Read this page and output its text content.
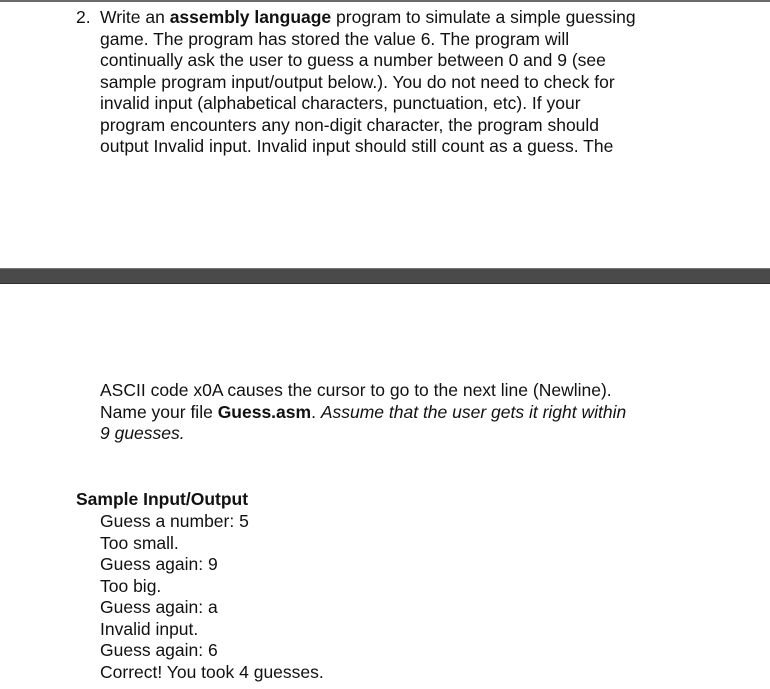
2. Write an assembly language program to simulate a simple guessing
game. The program has stored the value 6. The program will
continually ask the user to guess a number between 0 and 9 (see
sample program input/output below.). You do not need to check for
invalid input (alphabetical characters, punctuation, etc). If your
program encounters any non-digit character, the program should
output Invalid input. Invalid input should still count as a guess. The
ASCII code x0A causes the cursor to go to the next line (Newline).
Name your file Guess.asm. Assume that the user gets it right within
9 guesses.
Sample Input/Output
Guess a number: 5
Too small.
Guess again: 9
Too big.
Guess again: a
Invalid input.
Guess again: 6
Correct! You took 4 guesses.
